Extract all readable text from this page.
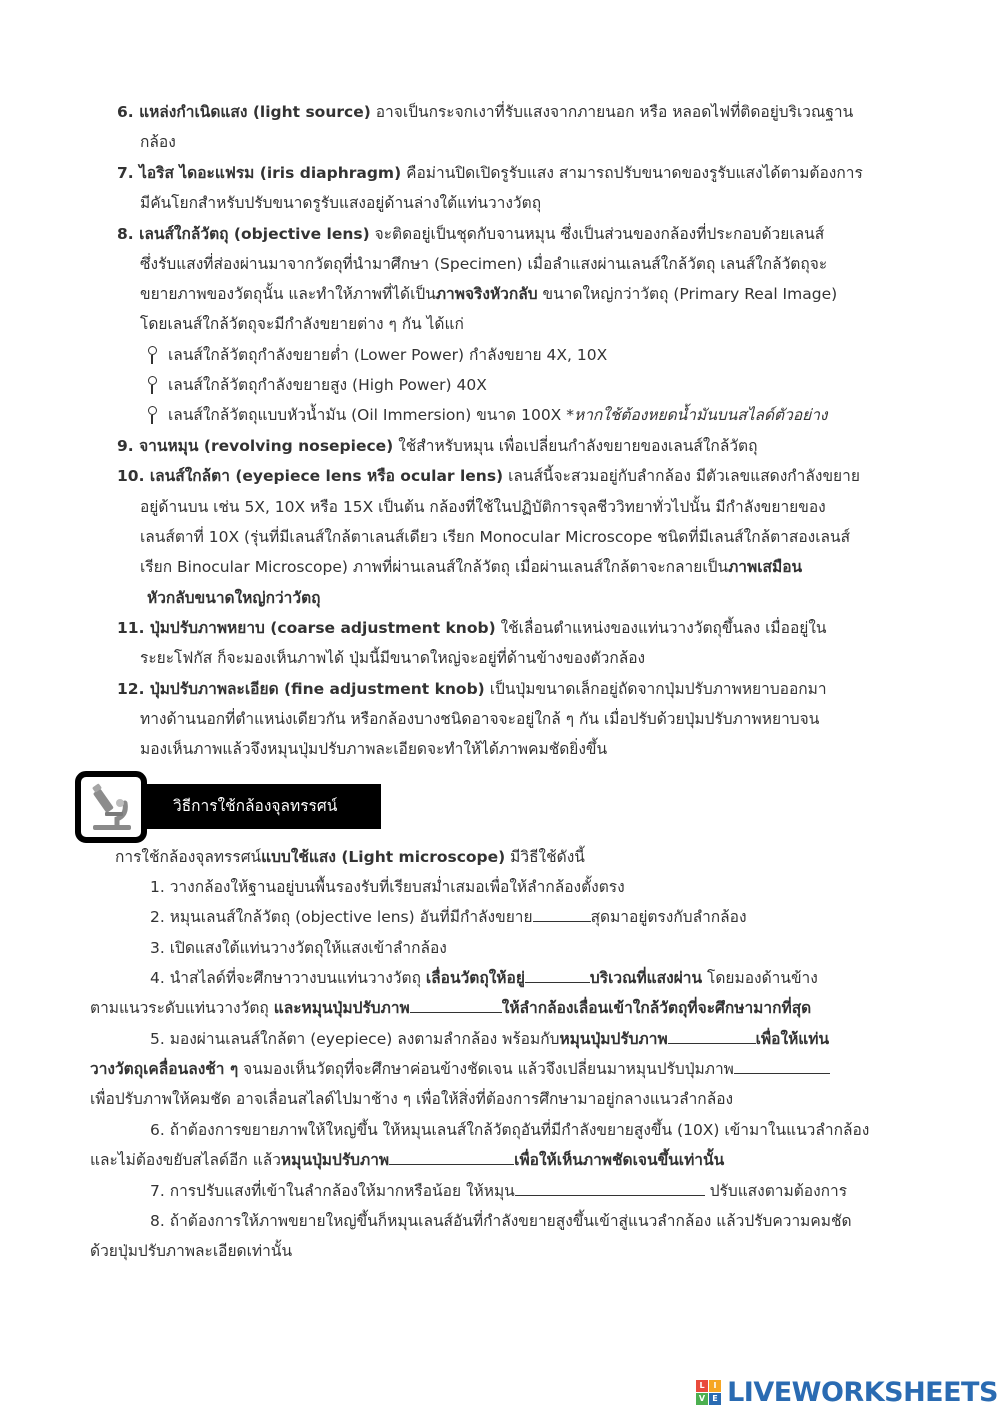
6. แหล่งกำเนิดแสง (light source) อาจเป็นกระจกเงาที่รับแสงจากภายนอก หรือ หลอดไฟที่ติดอยู่บริเวณฐาน
กล้อง
7. ไอริส ไดอะแฟรม (iris diaphragm) คือม่านปิดเปิดรูรับแสง สามารถปรับขนาดของรูรับแสงได้ตามต้องการ
มีคันโยกสำหรับปรับขนาดรูรับแสงอยู่ด้านล่างใต้แท่นวางวัตถุ
8. เลนส์ใกล้วัตถุ (objective lens) จะติดอยู่เป็นชุดกับจานหมุน ซึ่งเป็นส่วนของกล้องที่ประกอบด้วยเลนส์
ซึ่งรับแสงที่ส่องผ่านมาจากวัตถุที่นำมาศึกษา (Specimen) เมื่อลำแสงผ่านเลนส์ใกล้วัตถุ เลนส์ใกล้วัตถุจะ
ขยายภาพของวัตถุนั้น และทำให้ภาพที่ได้เป็นภาพจริงหัวกลับ ขนาดใหญ่กว่าวัตถุ (Primary Real Image)
โดยเลนส์ใกล้วัตถุจะมีกำลังขยายต่าง ๆ กัน ได้แก่
เลนส์ใกล้วัตถุกำลังขยายต่ำ (Lower Power) กำลังขยาย 4X, 10X
เลนส์ใกล้วัตถุกำลังขยายสูง (High Power) 40X
เลนส์ใกล้วัตถุแบบหัวน้ำมัน (Oil Immersion) ขนาด 100X *หากใช้ต้องหยดน้ำมันบนสไลด์ตัวอย่าง
9. จานหมุน (revolving nosepiece) ใช้สำหรับหมุน เพื่อเปลี่ยนกำลังขยายของเลนส์ใกล้วัตถุ
10. เลนส์ใกล้ตา (eyepiece lens หรือ ocular lens) เลนส์นี้จะสวมอยู่กับลำกล้อง มีตัวเลขแสดงกำลังขยาย
อยู่ด้านบน เช่น 5X, 10X หรือ 15X เป็นต้น กล้องที่ใช้ในปฏิบัติการจุลชีววิทยาทั่วไปนั้น มีกำลังขยายของ
เลนส์ตาที่ 10X (รุ่นที่มีเลนส์ใกล้ตาเลนส์เดียว เรียก Monocular Microscope ชนิดที่มีเลนส์ใกล้ตาสองเลนส์
เรียก Binocular Microscope) ภาพที่ผ่านเลนส์ใกล้วัตถุ เมื่อผ่านเลนส์ใกล้ตาจะกลายเป็นภาพเสมือน
หัวกลับขนาดใหญ่กว่าวัตถุ
11. ปุ่มปรับภาพหยาบ (coarse adjustment knob) ใช้เลื่อนตำแหน่งของแท่นวางวัตถุขึ้นลง เมื่ออยู่ใน
ระยะโฟกัส ก็จะมองเห็นภาพได้ ปุ่มนี้มีขนาดใหญ่จะอยู่ที่ด้านข้างของตัวกล้อง
12. ปุ่มปรับภาพละเอียด (fine adjustment knob) เป็นปุ่มขนาดเล็กอยู่ถัดจากปุ่มปรับภาพหยาบออกมา
ทางด้านนอกที่ตำแหน่งเดียวกัน หรือกล้องบางชนิดอาจจะอยู่ใกล้ ๆ กัน เมื่อปรับด้วยปุ่มปรับภาพหยาบจน
มองเห็นภาพแล้วจึงหมุนปุ่มปรับภาพละเอียดจะทำให้ได้ภาพคมชัดยิ่งขึ้น
วิธีการใช้กล้องจุลทรรศน์
การใช้กล้องจุลทรรศน์แบบใช้แสง (Light microscope) มีวิธีใช้ดังนี้
1. วางกล้องให้ฐานอยู่บนพื้นรองรับที่เรียบสม่ำเสมอเพื่อให้ลำกล้องตั้งตรง
2. หมุนเลนส์ใกล้วัตถุ (objective lens) อันที่มีกำลังขยาย	สุดมาอยู่ตรงกับลำกล้อง
3. เปิดแสงใต้แท่นวางวัตถุให้แสงเข้าลำกล้อง
4. นำสไลด์ที่จะศึกษาวางบนแท่นวางวัตถุ เลื่อนวัตถุให้อยู่	บริเวณที่แสงผ่าน โดยมองด้านข้าง
ตามแนวระดับแท่นวางวัตถุ และหมุนปุ่มปรับภาพ	ให้ลำกล้องเลื่อนเข้าใกล้วัตถุที่จะศึกษามากที่สุด
5. มองผ่านเลนส์ใกล้ตา (eyepiece) ลงตามลำกล้อง พร้อมกับหมุนปุ่มปรับภาพ	เพื่อให้แท่น
วางวัตถุเคลื่อนลงช้า ๆ จนมองเห็นวัตถุที่จะศึกษาค่อนข้างชัดเจน แล้วจึงเปลี่ยนมาหมุนปรับปุ่มภาพ
เพื่อปรับภาพให้คมชัด อาจเลื่อนสไลด์ไปมาช้าง ๆ เพื่อให้สิ่งที่ต้องการศึกษามาอยู่กลางแนวลำกล้อง
6. ถ้าต้องการขยายภาพให้ใหญ่ขึ้น ให้หมุนเลนส์ใกล้วัตถุอันที่มีกำลังขยายสูงขึ้น (10X) เข้ามาในแนวลำกล้อง
และไม่ต้องขยับสไลด์อีก แล้วหมุนปุ่มปรับภาพ	เพื่อให้เห็นภาพชัดเจนขึ้นเท่านั้น
7. การปรับแสงที่เข้าในลำกล้องให้มากหรือน้อย ให้หมุน	ปรับแสงตามต้องการ
8. ถ้าต้องการให้ภาพขยายใหญ่ขึ้นก็หมุนเลนส์อันที่กำลังขยายสูงขึ้นเข้าสู่แนวลำกล้อง แล้วปรับความคมชัด
ด้วยปุ่มปรับภาพละเอียดเท่านั้น
L	I
V E LIVEWORKSHEETS
